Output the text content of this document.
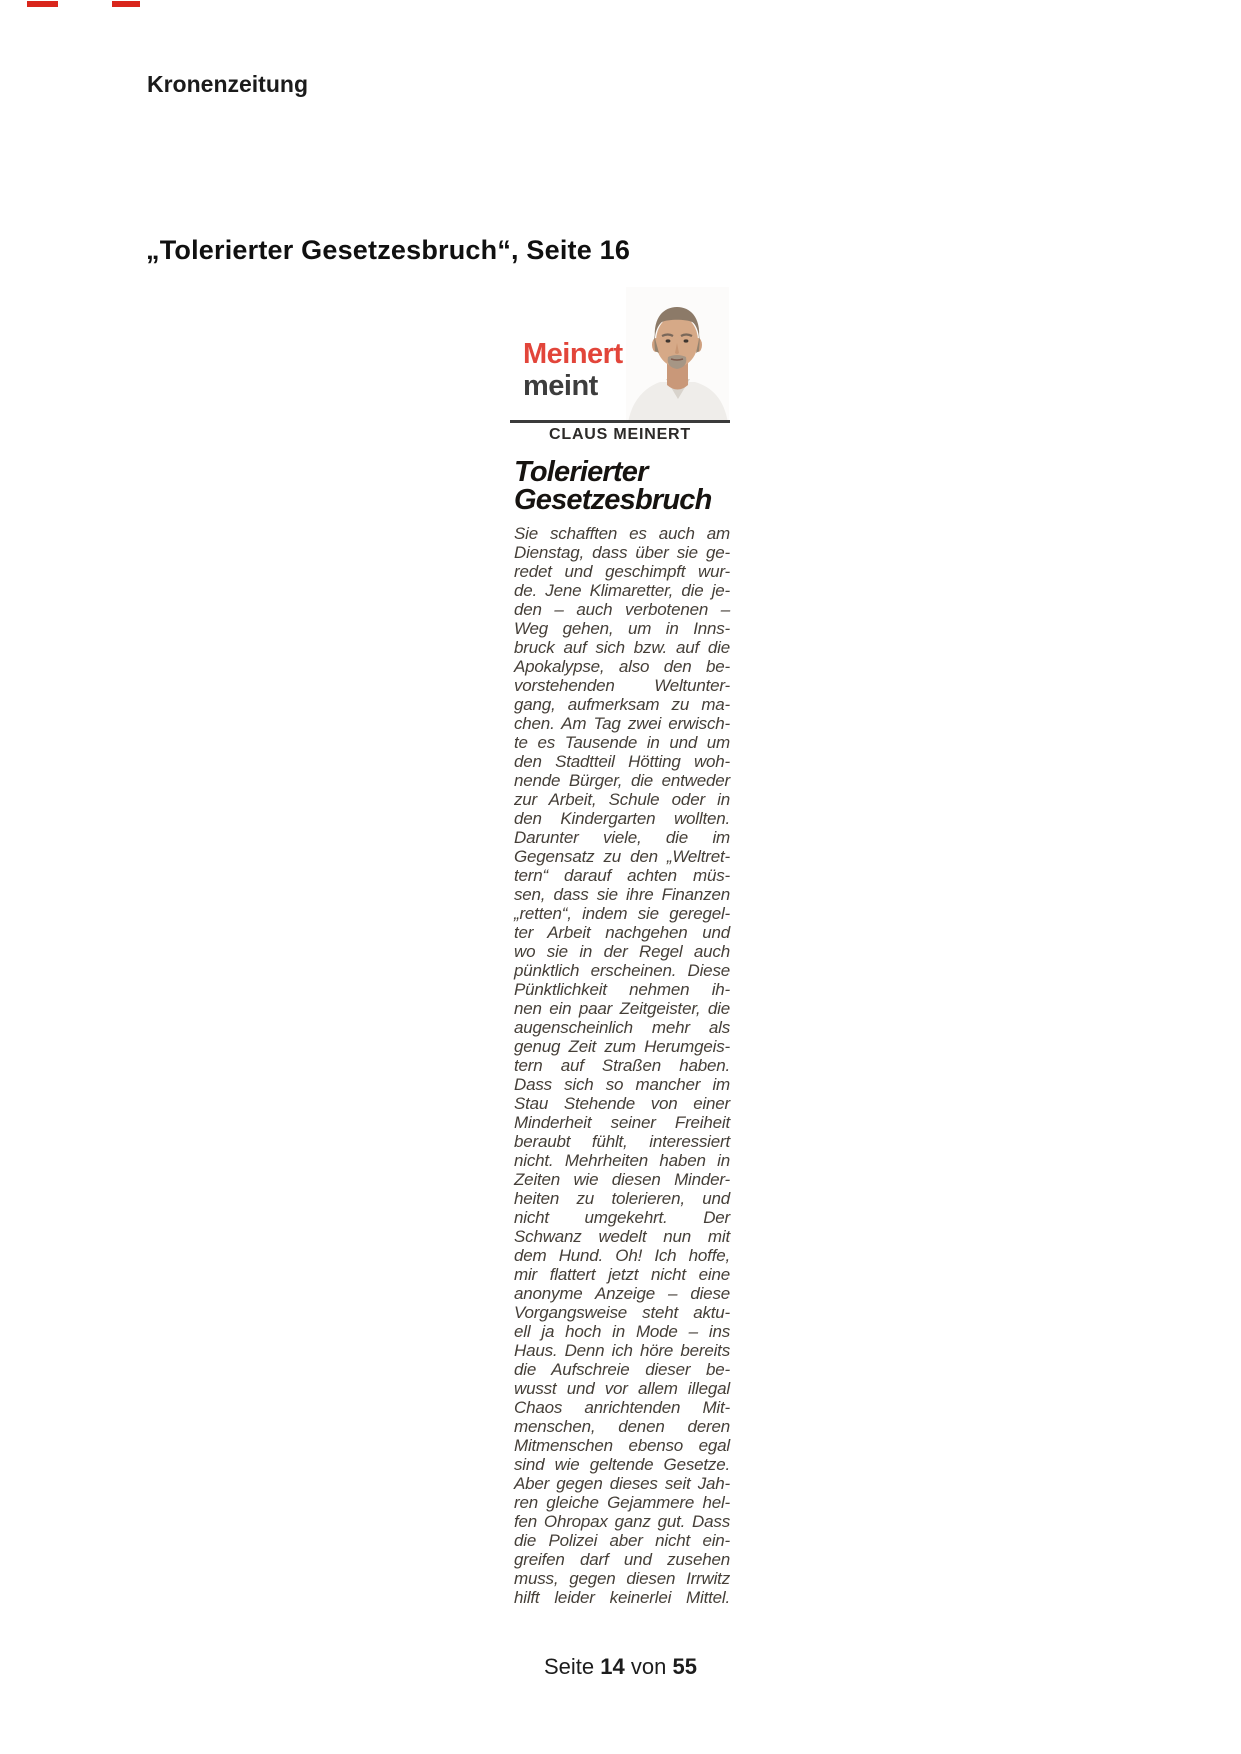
Kronenzeitung
„Tolerierter Gesetzesbruch“, Seite 16
Meinert
meint
CLAUS MEINERT
Tolerierter
Gesetzesbruch
Sie schafften es auch am
Dienstag, dass über sie ge-
redet und geschimpft wur-
de. Jene Klimaretter, die je-
den – auch verbotenen –
Weg gehen, um in Inns-
bruck auf sich bzw. auf die
Apokalypse, also den be-
vorstehenden Weltunter-
gang, aufmerksam zu ma-
chen. Am Tag zwei erwisch-
te es Tausende in und um
den Stadtteil Hötting woh-
nende Bürger, die entweder
zur Arbeit, Schule oder in
den Kindergarten wollten.
Darunter viele, die im
Gegensatz zu den „Weltret-
tern“ darauf achten müs-
sen, dass sie ihre Finanzen
„retten“, indem sie geregel-
ter Arbeit nachgehen und
wo sie in der Regel auch
pünktlich erscheinen. Diese
Pünktlichkeit nehmen ih-
nen ein paar Zeitgeister, die
augenscheinlich mehr als
genug Zeit zum Herumgeis-
tern auf Straßen haben.
Dass sich so mancher im
Stau Stehende von einer
Minderheit seiner Freiheit
beraubt fühlt, interessiert
nicht. Mehrheiten haben in
Zeiten wie diesen Minder-
heiten zu tolerieren, und
nicht umgekehrt. Der
Schwanz wedelt nun mit
dem Hund. Oh! Ich hoffe,
mir flattert jetzt nicht eine
anonyme Anzeige – diese
Vorgangsweise steht aktu-
ell ja hoch in Mode – ins
Haus. Denn ich höre bereits
die Aufschreie dieser be-
wusst und vor allem illegal
Chaos anrichtenden Mit-
menschen, denen deren
Mitmenschen ebenso egal
sind wie geltende Gesetze.
Aber gegen dieses seit Jah-
ren gleiche Gejammere hel-
fen Ohropax ganz gut. Dass
die Polizei aber nicht ein-
greifen darf und zusehen
muss, gegen diesen Irrwitz
hilft leider keinerlei Mittel.
Seite 14 von 55
